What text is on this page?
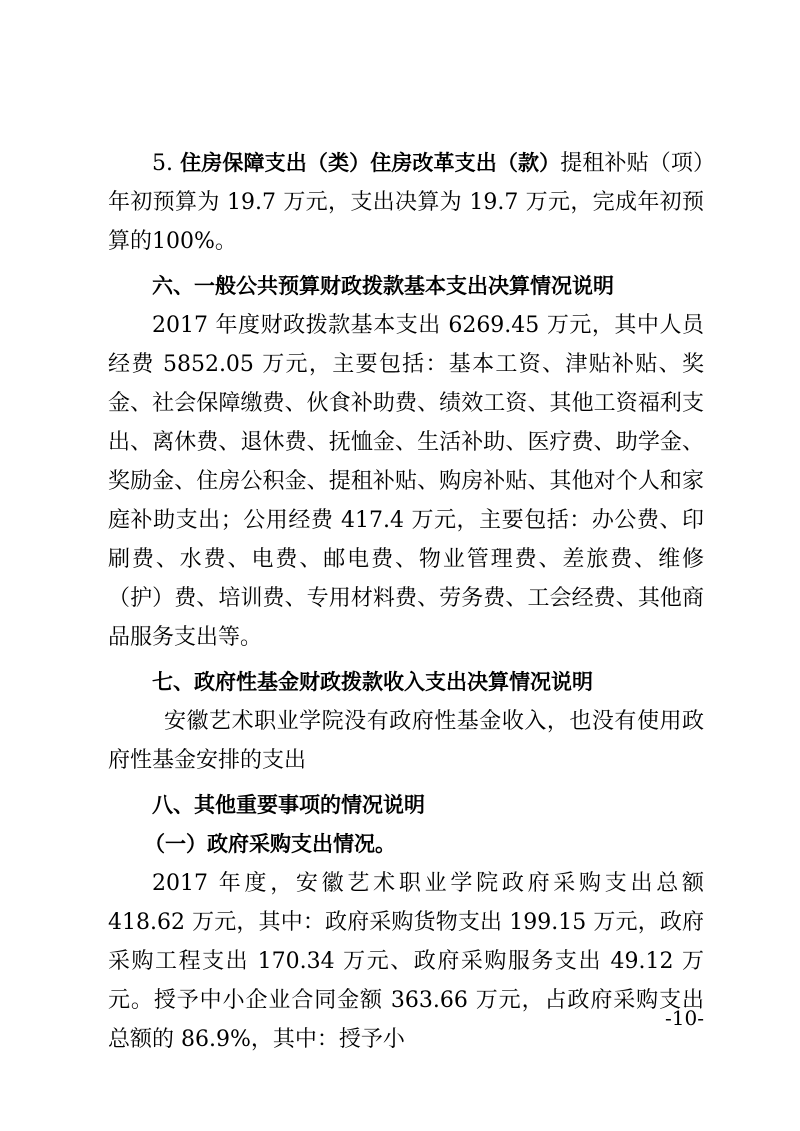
5. 住房保障支出（类）住房改革支出（款）提租补贴（项）年初预算为 19.7 万元，支出决算为 19.7 万元，完成年初预算的100%。

六、一般公共预算财政拨款基本支出决算情况说明

2017 年度财政拨款基本支出 6269.45 万元，其中人员经费 5852.05 万元，主要包括：基本工资、津贴补贴、奖金、社会保障缴费、伙食补助费、绩效工资、其他工资福利支出、离休费、退休费、抚恤金、生活补助、医疗费、助学金、奖励金、住房公积金、提租补贴、购房补贴、其他对个人和家庭补助支出；公用经费 417.4 万元，主要包括：办公费、印刷费、水费、电费、邮电费、物业管理费、差旅费、维修（护）费、培训费、专用材料费、劳务费、工会经费、其他商品服务支出等。

七、政府性基金财政拨款收入支出决算情况说明

安徽艺术职业学院没有政府性基金收入，也没有使用政府性基金安排的支出

八、其他重要事项的情况说明

（一）政府采购支出情况。

2017 年度，安徽艺术职业学院政府采购支出总额 418.62 万元，其中：政府采购货物支出 199.15 万元，政府采购工程支出 170.34 万元、政府采购服务支出 49.12 万元。授予中小企业合同金额 363.66 万元，占政府采购支出总额的 86.9%，其中：授予小

-10-
